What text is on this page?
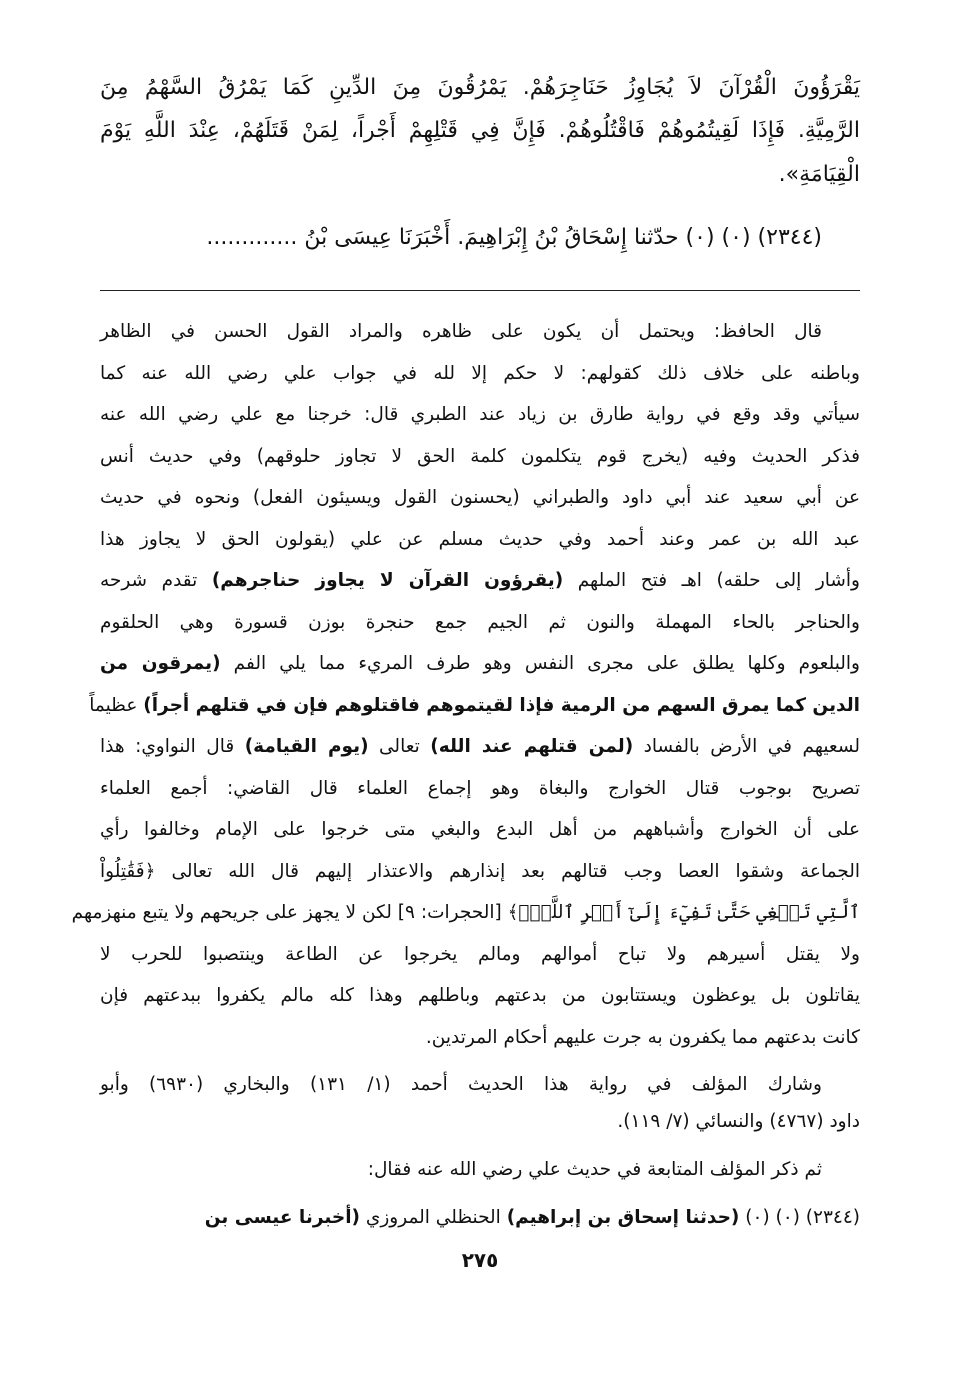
يَقْرَؤُونَ الْقُرْآنَ لاَ يُجَاوِزُ حَنَاجِرَهُمْ. يَمْرُقُونَ مِنَ الدِّينِ كَمَا يَمْرُقُ السَّهْمُ مِنَ
الرَّمِيَّةِ. فَإِذَا لَقِيتُمُوهُمْ فَاقْتُلُوهُمْ. فَإِنَّ فِي قَتْلِهِمْ أَجْراً، لِمَنْ قَتَلَهُمْ، عِنْدَ اللَّهِ يَوْمَ
الْقِيَامَةِ».
(٢٣٤٤) (٠) (٠) حدّثنا إِسْحَاقُ بْنُ إِبْرَاهِيمَ. أَخْبَرَنَا عِيسَى بْنُ .............
قال الحافظ: ويحتمل أن يكون على ظاهره والمراد القول الحسن في الظاهر
وباطنه على خلاف ذلك كقولهم: لا حكم إلا لله في جواب علي رضي الله عنه كما
سيأتي وقد وقع في رواية طارق بن زياد عند الطبري قال: خرجنا مع علي رضي الله عنه
فذكر الحديث وفيه (يخرج قوم يتكلمون كلمة الحق لا تجاوز حلوقهم) وفي حديث أنس
عن أبي سعيد عند أبي داود والطبراني (يحسنون القول ويسيئون الفعل) ونحوه في حديث
عبد الله بن عمر وعند أحمد وفي حديث مسلم عن علي (يقولون الحق لا يجاوز هذا
وأشار إلى حلقه) اهـ فتح الملهم (يقرؤون القرآن لا يجاوز حناجرهم) تقدم شرحه
والحناجر بالحاء المهملة والنون ثم الجيم جمع حنجرة بوزن قسورة وهي الحلقوم
والبلعوم وكلها يطلق على مجرى النفس وهو طرف المريء مما يلي الفم (يمرقون من
الدين كما يمرق السهم من الرمية فإذا لقيتموهم فاقتلوهم فإن في قتلهم أجراً) عظيماً
لسعيهم في الأرض بالفساد (لمن قتلهم عند الله) تعالى (يوم القيامة) قال النواوي: هذا
تصريح بوجوب قتال الخوارج والبغاة وهو إجماع العلماء قال القاضي: أجمع العلماء
على أن الخوارج وأشباههم من أهل البدع والبغي متى خرجوا على الإمام وخالفوا رأي
الجماعة وشقوا العصا وجب قتالهم بعد إنذارهم والاعتذار إليهم قال الله تعالى ﴿فَقَٰتِلُواْ
ٱلَّتِي تَبۡغِي حَتَّىٰ تَفِيٓءَ إِلَىٰٓ أَمۡرِ ٱللَّهِۚ﴾ [الحجرات: ٩] لكن لا يجهز على جريحهم ولا يتبع منهزمهم
ولا يقتل أسيرهم ولا تباح أموالهم ومالم يخرجوا عن الطاعة وينتصبوا للحرب لا
يقاتلون بل يوعظون ويستتابون من بدعتهم وباطلهم وهذا كله مالم يكفروا ببدعتهم فإن
كانت بدعتهم مما يكفرون به جرت عليهم أحكام المرتدين.
وشارك المؤلف في رواية هذا الحديث أحمد (١/ ١٣١) والبخاري (٦٩٣٠) وأبو
داود (٤٧٦٧) والنسائي (٧/ ١١٩).
ثم ذكر المؤلف المتابعة في حديث علي رضي الله عنه فقال:
(٢٣٤٤) (٠) (٠) (حدثنا إسحاق بن إبراهيم) الحنظلي المروزي (أخبرنا عيسى بن
٢٧٥
